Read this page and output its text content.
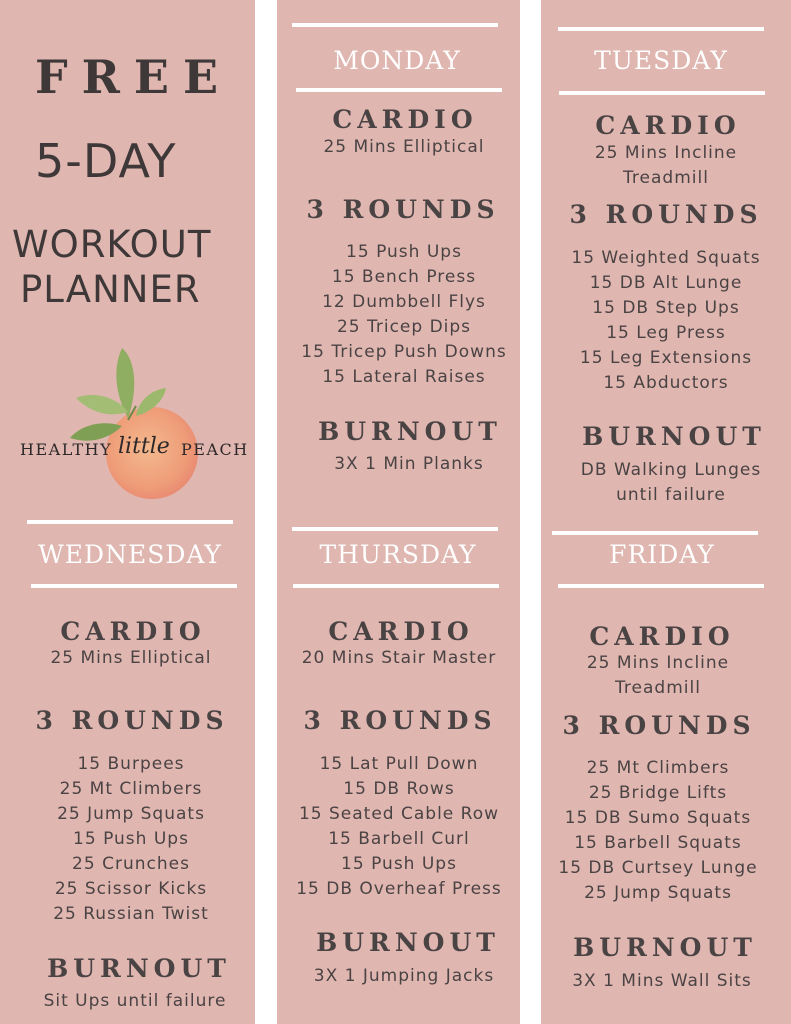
FREE
5-DAY
WORKOUT
PLANNER
HEALTHY little PEACH
MONDAY
CARDIO
25 Mins Elliptical
3 ROUNDS
15 Push Ups
15 Bench Press
12 Dumbbell Flys
25 Tricep Dips
15 Tricep Push Downs
15 Lateral Raises
BURNOUT
3X 1 Min Planks
TUESDAY
CARDIO
25 Mins Incline
Treadmill
3 ROUNDS
15 Weighted Squats
15 DB Alt Lunge
15 DB Step Ups
15 Leg Press
15 Leg Extensions
15 Abductors
BURNOUT
DB Walking Lunges
until failure
WEDNESDAY
CARDIO
25 Mins Elliptical
3 ROUNDS
15 Burpees
25 Mt Climbers
25 Jump Squats
15 Push Ups
25 Crunches
25 Scissor Kicks
25 Russian Twist
BURNOUT
Sit Ups until failure
THURSDAY
CARDIO
20 Mins Stair Master
3 ROUNDS
15 Lat Pull Down
15 DB Rows
15 Seated Cable Row
15 Barbell Curl
15 Push Ups
15 DB Overheaf Press
BURNOUT
3X 1 Jumping Jacks
FRIDAY
CARDIO
25 Mins Incline
Treadmill
3 ROUNDS
25 Mt Climbers
25 Bridge Lifts
15 DB Sumo Squats
15 Barbell Squats
15 DB Curtsey Lunge
25 Jump Squats
BURNOUT
3X 1 Mins Wall Sits
